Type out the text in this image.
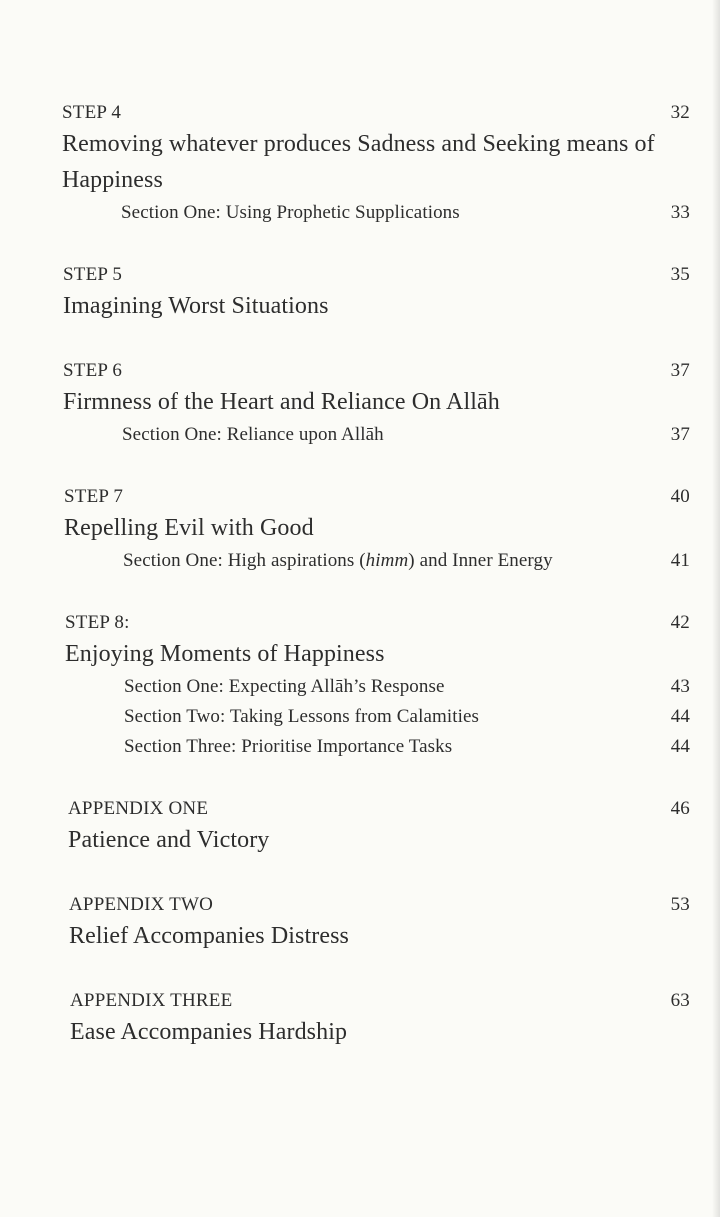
STEP 4	32
Removing whatever produces Sadness and Seeking means of Happiness
Section One: Using Prophetic Supplications	33
STEP 5	35
Imagining Worst Situations
STEP 6	37
Firmness of the Heart and Reliance On Allāh
Section One: Reliance upon Allāh	37
STEP 7	40
Repelling Evil with Good
Section One: High aspirations (himm) and Inner Energy	41
STEP 8:	42
Enjoying Moments of Happiness
Section One: Expecting Allāh’s Response	43
Section Two: Taking Lessons from Calamities	44
Section Three: Prioritise Importance Tasks	44
APPENDIX ONE	46
Patience and Victory
APPENDIX TWO	53
Relief Accompanies Distress
APPENDIX THREE	63
Ease Accompanies Hardship
